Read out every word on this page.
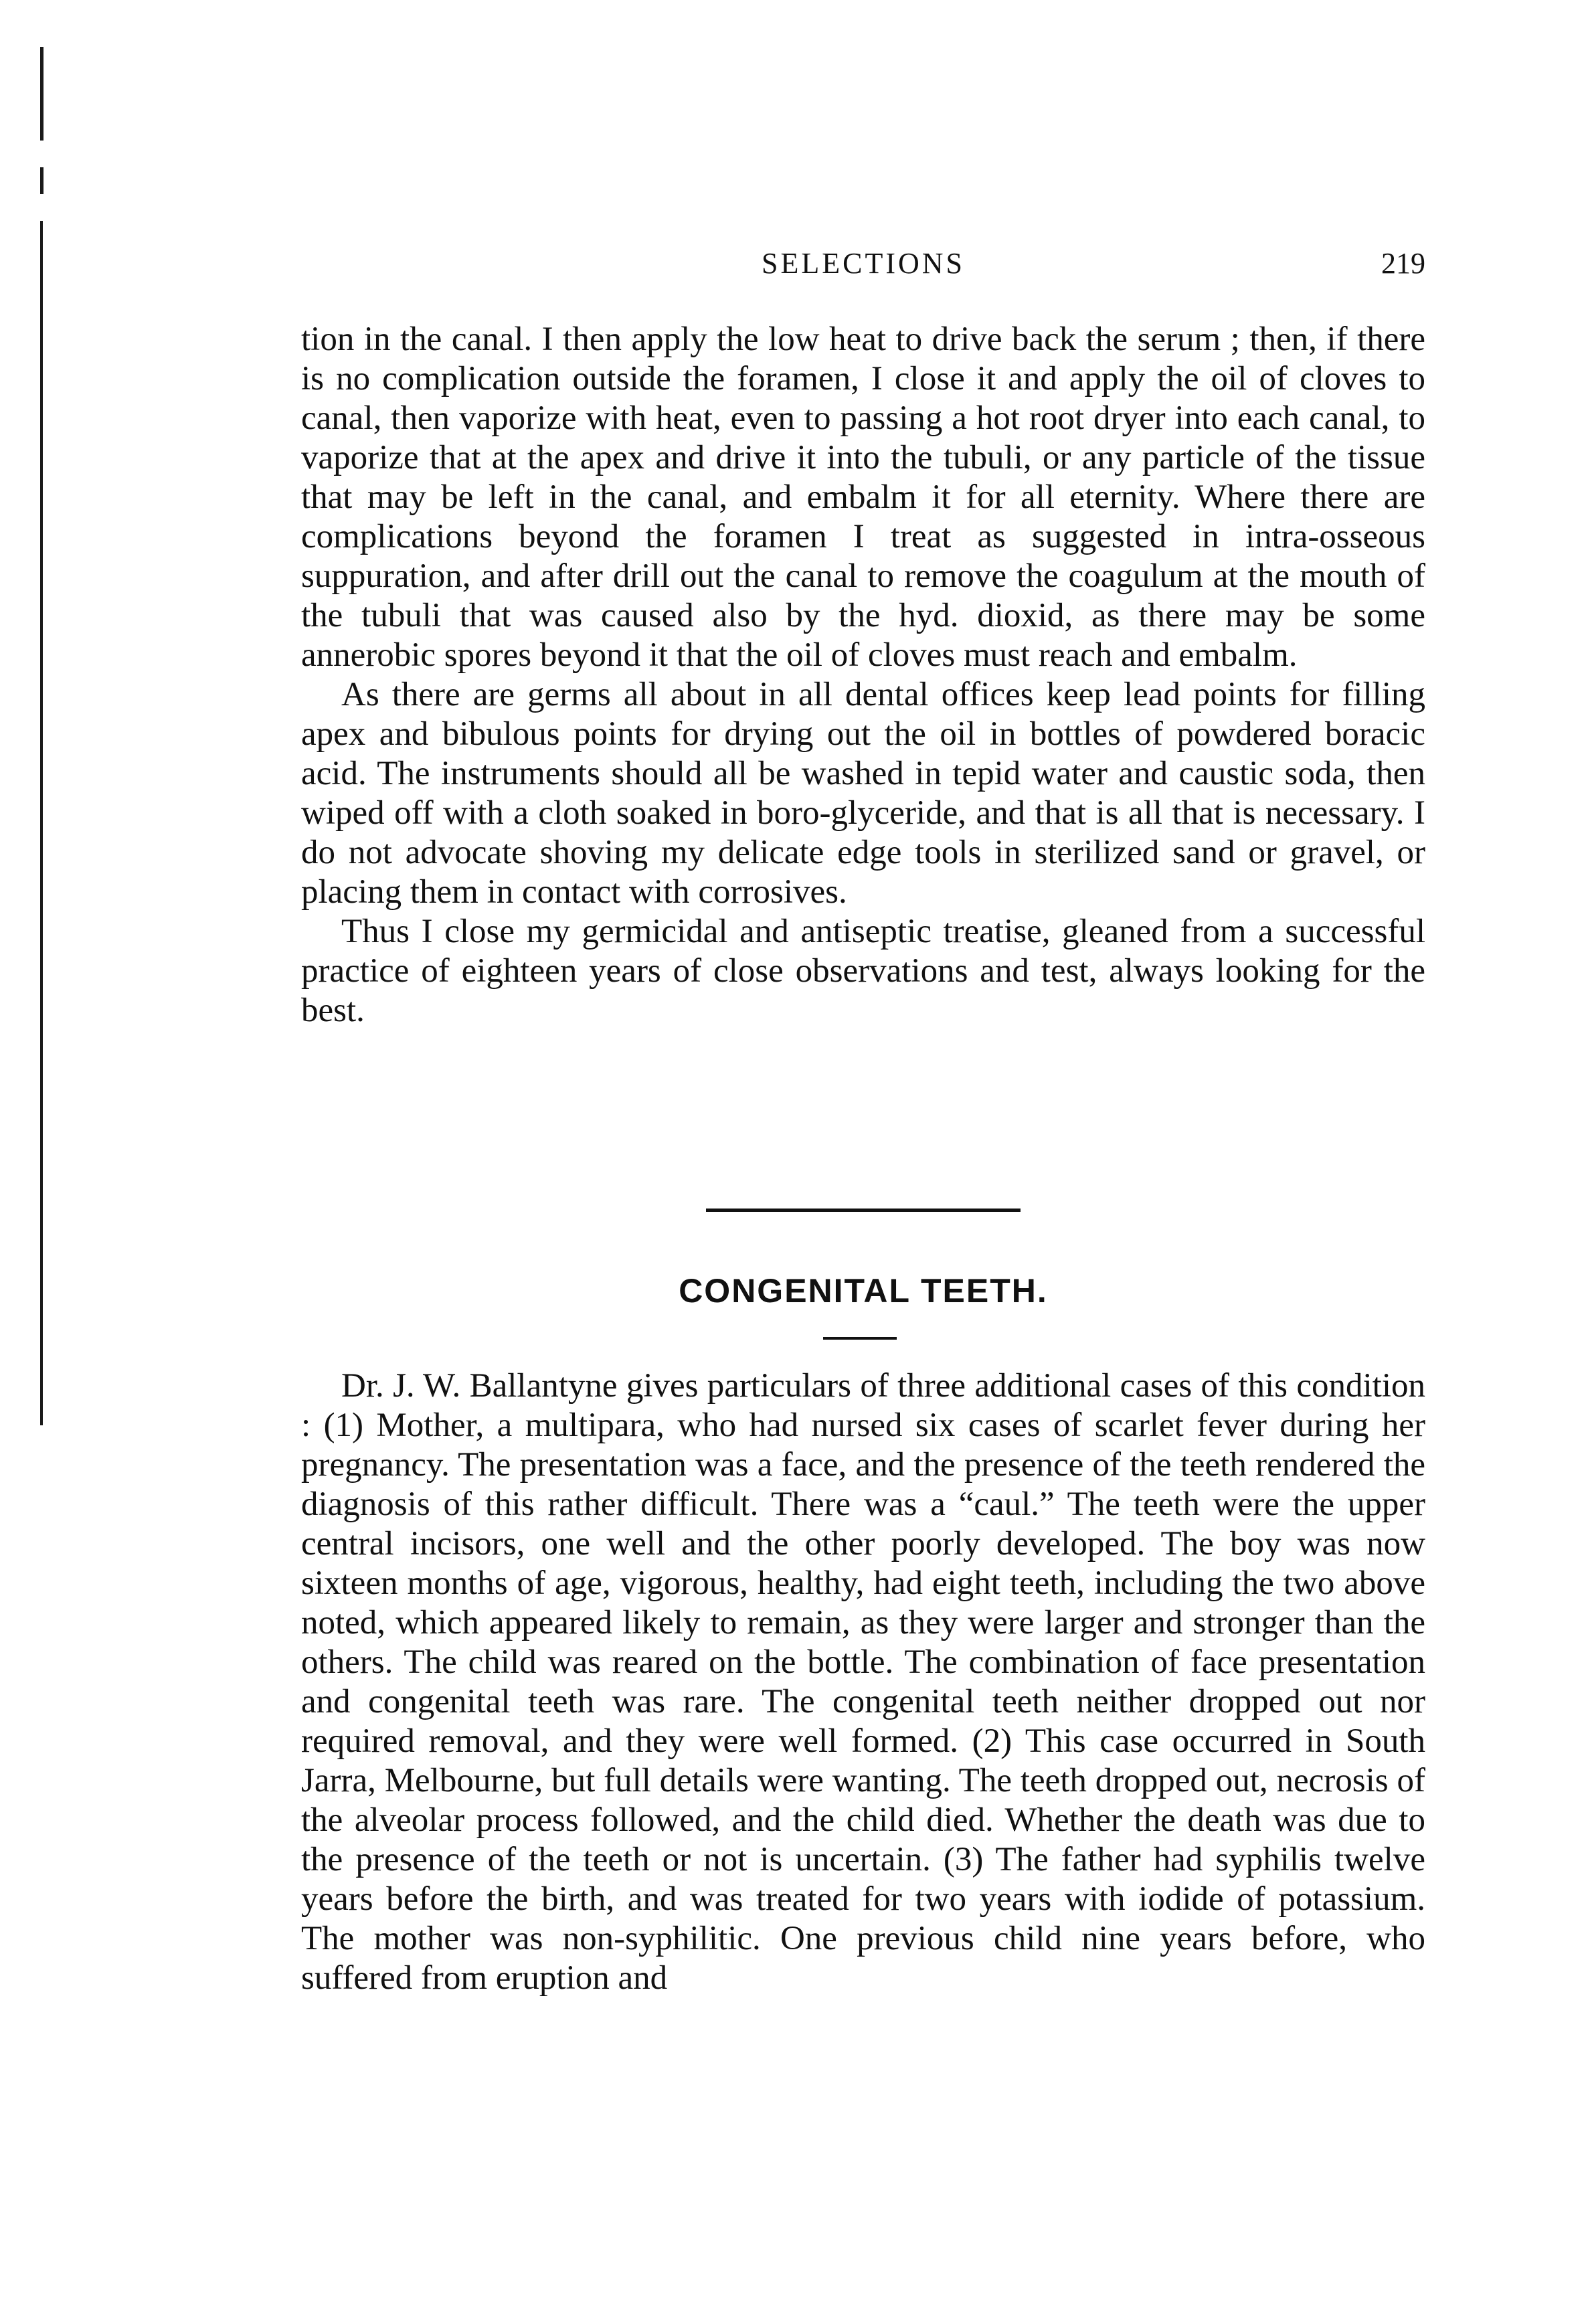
SELECTIONS	219

tion in the canal. I then apply the low heat to drive back the serum ; then, if there is no complication outside the foramen, I close it and apply the oil of cloves to canal, then vaporize with heat, even to passing a hot root dryer into each canal, to vaporize that at the apex and drive it into the tubuli, or any particle of the tissue that may be left in the canal, and embalm it for all eternity. Where there are complications beyond the foramen I treat as suggested in intra-osseous suppuration, and after drill out the canal to remove the coagulum at the mouth of the tubuli that was caused also by the hyd. dioxid, as there may be some annerobic spores beyond it that the oil of cloves must reach and embalm.

As there are germs all about in all dental offices keep lead points for filling apex and bibulous points for drying out the oil in bottles of powdered boracic acid. The instruments should all be washed in tepid water and caustic soda, then wiped off with a cloth soaked in boro-glyceride, and that is all that is necessary. I do not advocate shoving my delicate edge tools in sterilized sand or gravel, or placing them in contact with corrosives.

Thus I close my germicidal and antiseptic treatise, gleaned from a successful practice of eighteen years of close observations and test, always looking for the best.

CONGENITAL TEETH.
Dr. J. W. Ballantyne gives particulars of three additional cases of this condition : (1) Mother, a multipara, who had nursed six cases of scarlet fever during her pregnancy. The presentation was a face, and the presence of the teeth rendered the diagnosis of this rather difficult. There was a “caul.” The teeth were the upper central incisors, one well and the other poorly developed. The boy was now sixteen months of age, vigorous, healthy, had eight teeth, including the two above noted, which appeared likely to remain, as they were larger and stronger than the others. The child was reared on the bottle. The combination of face presentation and congenital teeth was rare. The congenital teeth neither dropped out nor required removal, and they were well formed. (2) This case occurred in South Jarra, Melbourne, but full details were wanting. The teeth dropped out, necrosis of the alveolar process followed, and the child died. Whether the death was due to the presence of the teeth or not is uncertain. (3) The father had syphilis twelve years before the birth, and was treated for two years with iodide of potassium. The mother was non-syphilitic. One previous child nine years before, who suffered from eruption and
